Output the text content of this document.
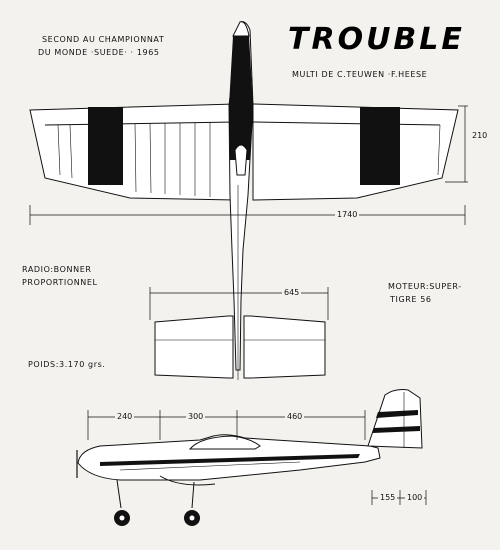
TROUBLE
SECOND AU CHAMPIONNAT
DU MONDE ·SUEDE· · 1965
MULTI DE C.TEUWEN ·F.HEESE
RADIO:BONNER
PROPORTIONNEL	MOTEUR:SUPER-
TIGRE 56
POIDS:3.170 grs.
210
1740
645
240	300	460
155 100
